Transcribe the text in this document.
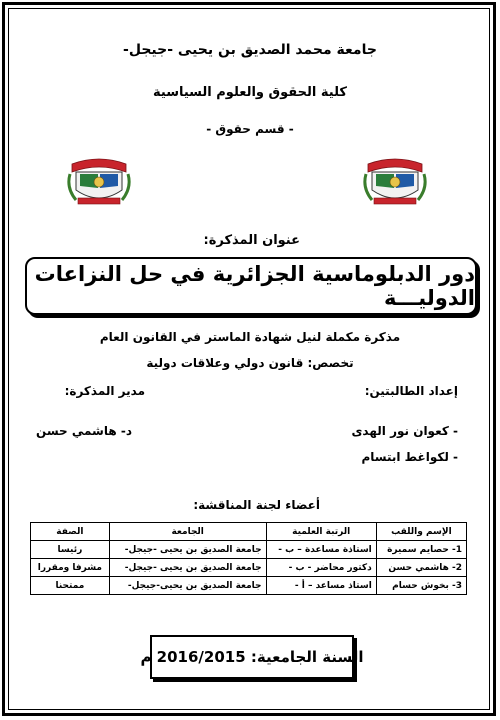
جامعة محمد الصديق بن يحيى -جيجل-
كلية الحقوق والعلوم السياسية
- قسم حقوق -
عنوان المذكرة:
دور الدبلوماسية الجزائرية في حل النزاعات الدوليـــة
مذكرة مكملة لنيل شهادة الماستر في القانون العام
تخصص: قانون دولي وعلاقات دولية
إعداد الطالبتين:
مدير المذكرة:
- كعوان نور الهدى
د- هاشمي حسن
- لكواغط ابتسام
أعضاء لجنة المناقشة:
الإسم واللقب	الرتبة العلمية	الجامعة	الصفة
1- حصايم سميرة	استاذة مساعدة – ب -	جامعة الصديق بن يحيى -جيجل-	رئيسا
2- هاشمي حسن	دكتور محاضر - ب -	جامعة الصديق بن يحيى -جيجل-	مشرفا ومقررا
3- بخوش حسام	استاذ مساعد – أ -	جامعة الصديق بن يحيى-جيجل-	ممتحنا
السنة الجامعية: 2016/2015 م
